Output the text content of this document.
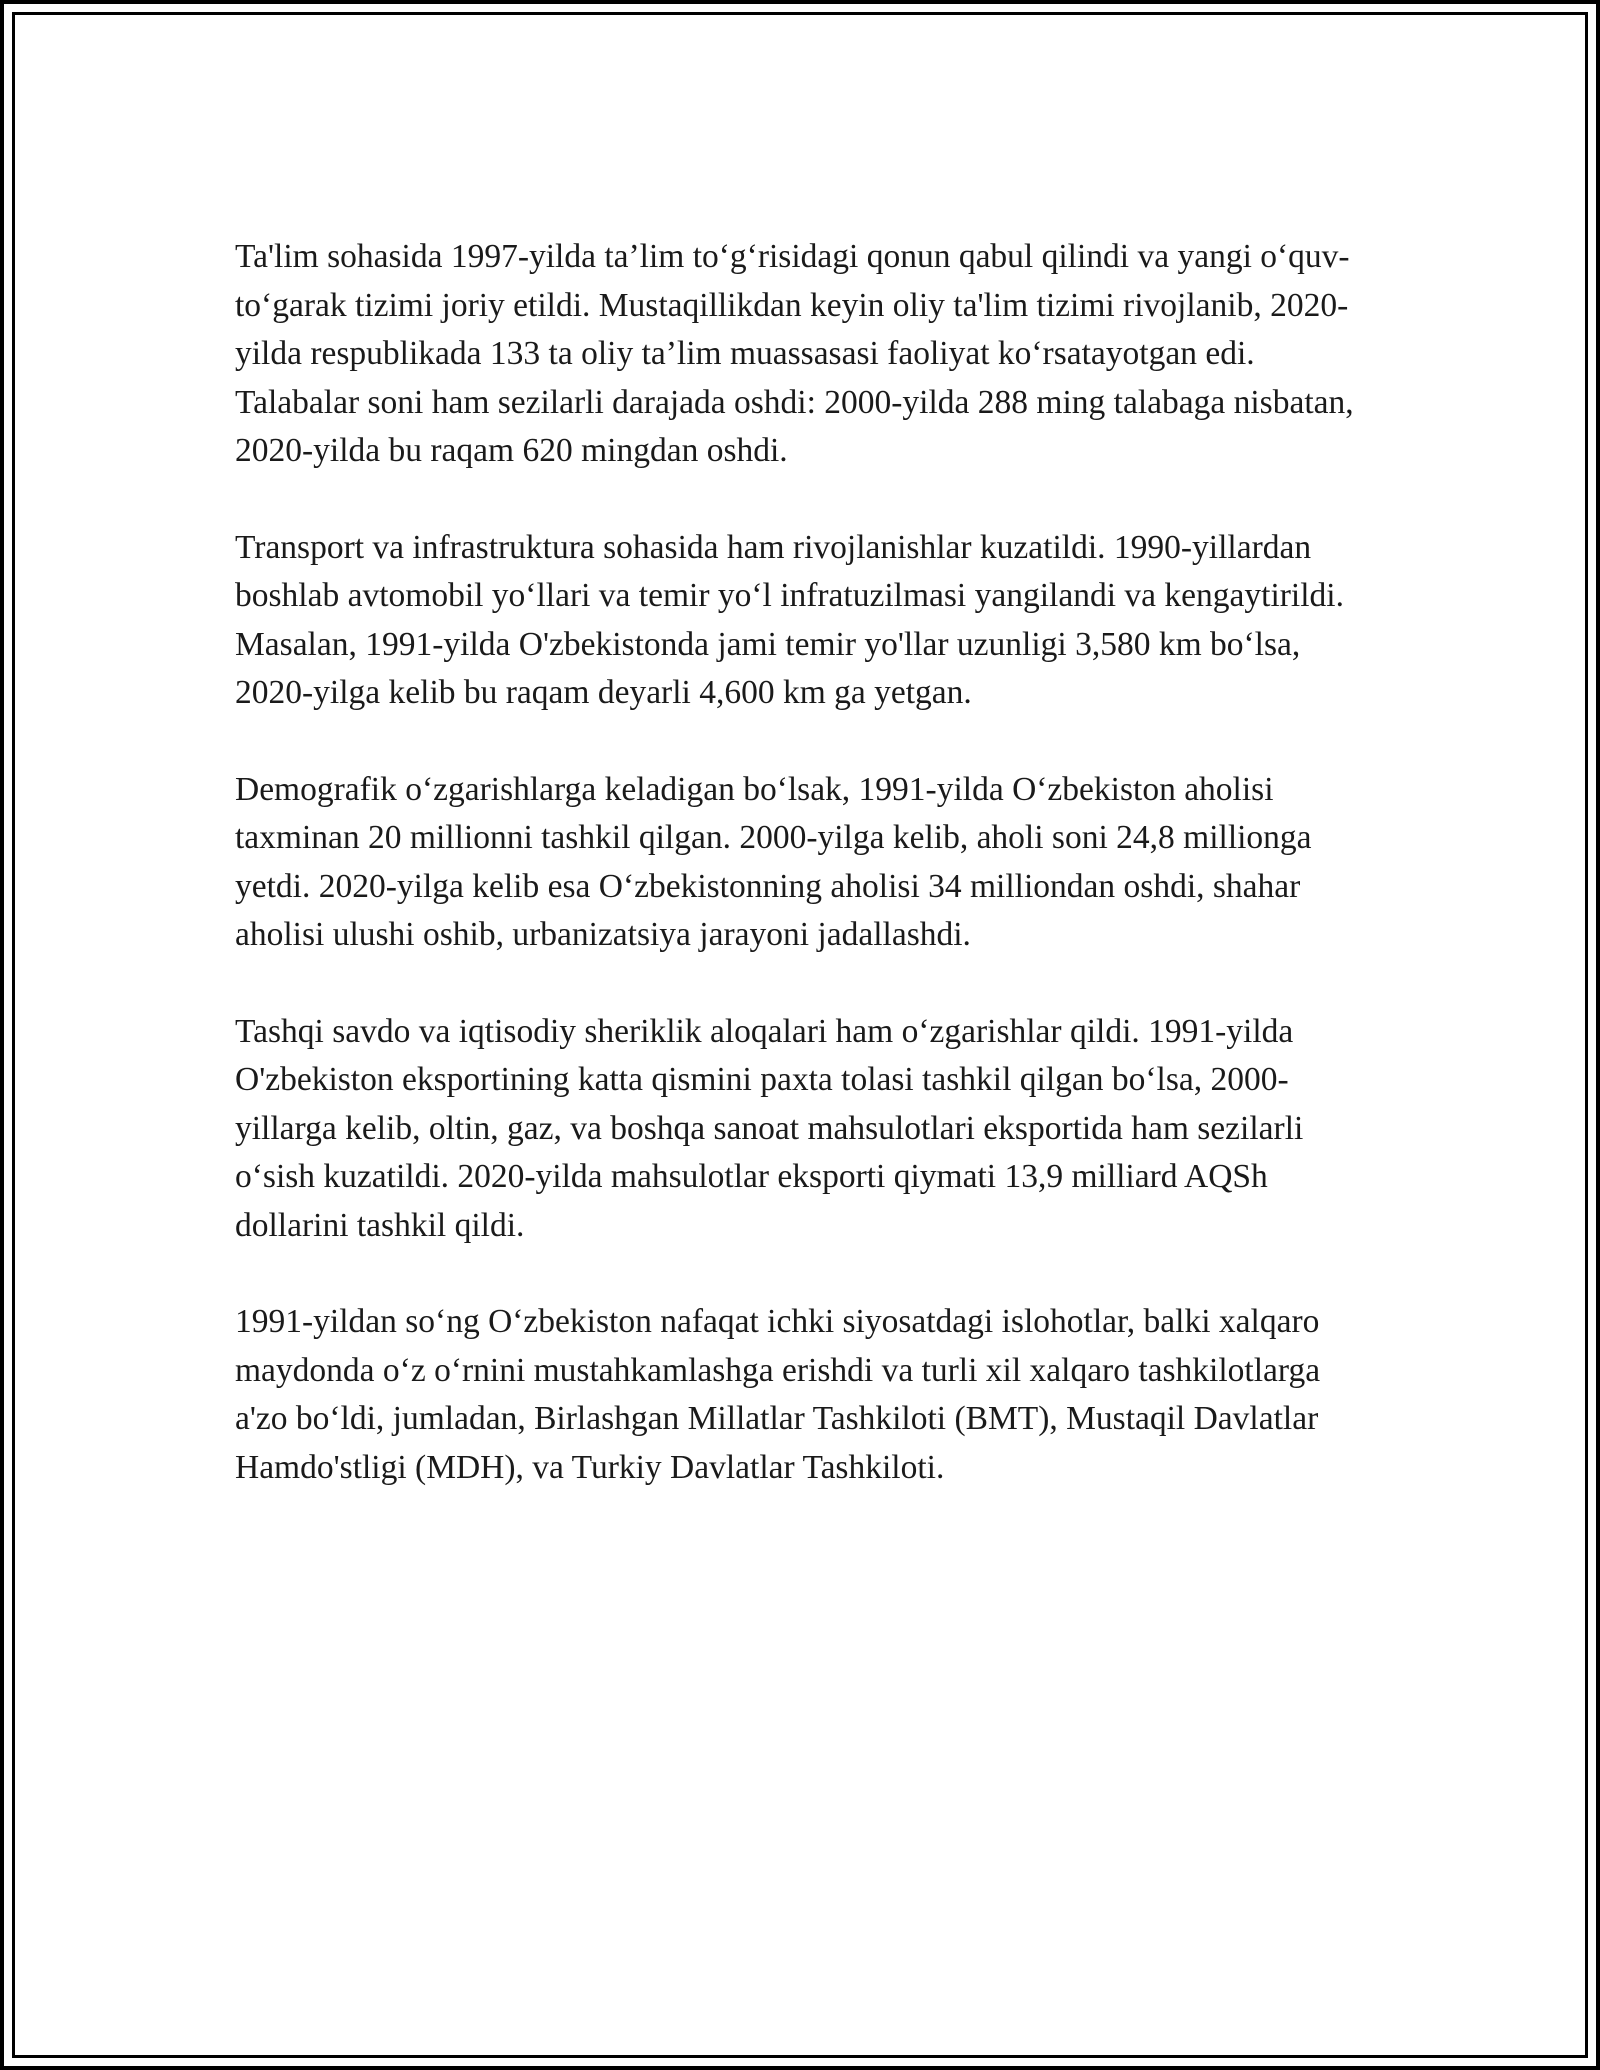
Ta'lim sohasida 1997-yilda ta’lim to‘g‘risidagi qonun qabul qilindi va yangi o‘quv-to‘garak tizimi joriy etildi. Mustaqillikdan keyin oliy ta'lim tizimi rivojlanib, 2020-yilda respublikada 133 ta oliy ta’lim muassasasi faoliyat ko‘rsatayotgan edi. Talabalar soni ham sezilarli darajada oshdi: 2000-yilda 288 ming talabaga nisbatan, 2020-yilda bu raqam 620 mingdan oshdi.

Transport va infrastruktura sohasida ham rivojlanishlar kuzatildi. 1990-yillardan boshlab avtomobil yo‘llari va temir yo‘l infratuzilmasi yangilandi va kengaytirildi. Masalan, 1991-yilda O'zbekistonda jami temir yo'llar uzunligi 3,580 km bo‘lsa, 2020-yilga kelib bu raqam deyarli 4,600 km ga yetgan.

Demografik o‘zgarishlarga keladigan bo‘lsak, 1991-yilda O‘zbekiston aholisi taxminan 20 millionni tashkil qilgan. 2000-yilga kelib, aholi soni 24,8 millionga yetdi. 2020-yilga kelib esa O‘zbekistonning aholisi 34 milliondan oshdi, shahar aholisi ulushi oshib, urbanizatsiya jarayoni jadallashdi.

Tashqi savdo va iqtisodiy sheriklik aloqalari ham o‘zgarishlar qildi. 1991-yilda O'zbekiston eksportining katta qismini paxta tolasi tashkil qilgan bo‘lsa, 2000-yillarga kelib, oltin, gaz, va boshqa sanoat mahsulotlari eksportida ham sezilarli o‘sish kuzatildi. 2020-yilda mahsulotlar eksporti qiymati 13,9 milliard AQSh dollarini tashkil qildi.

1991-yildan so‘ng O‘zbekiston nafaqat ichki siyosatdagi islohotlar, balki xalqaro maydonda o‘z o‘rnini mustahkamlashga erishdi va turli xil xalqaro tashkilotlarga a'zo bo‘ldi, jumladan, Birlashgan Millatlar Tashkiloti (BMT), Mustaqil Davlatlar Hamdo'stligi (MDH), va Turkiy Davlatlar Tashkiloti.
